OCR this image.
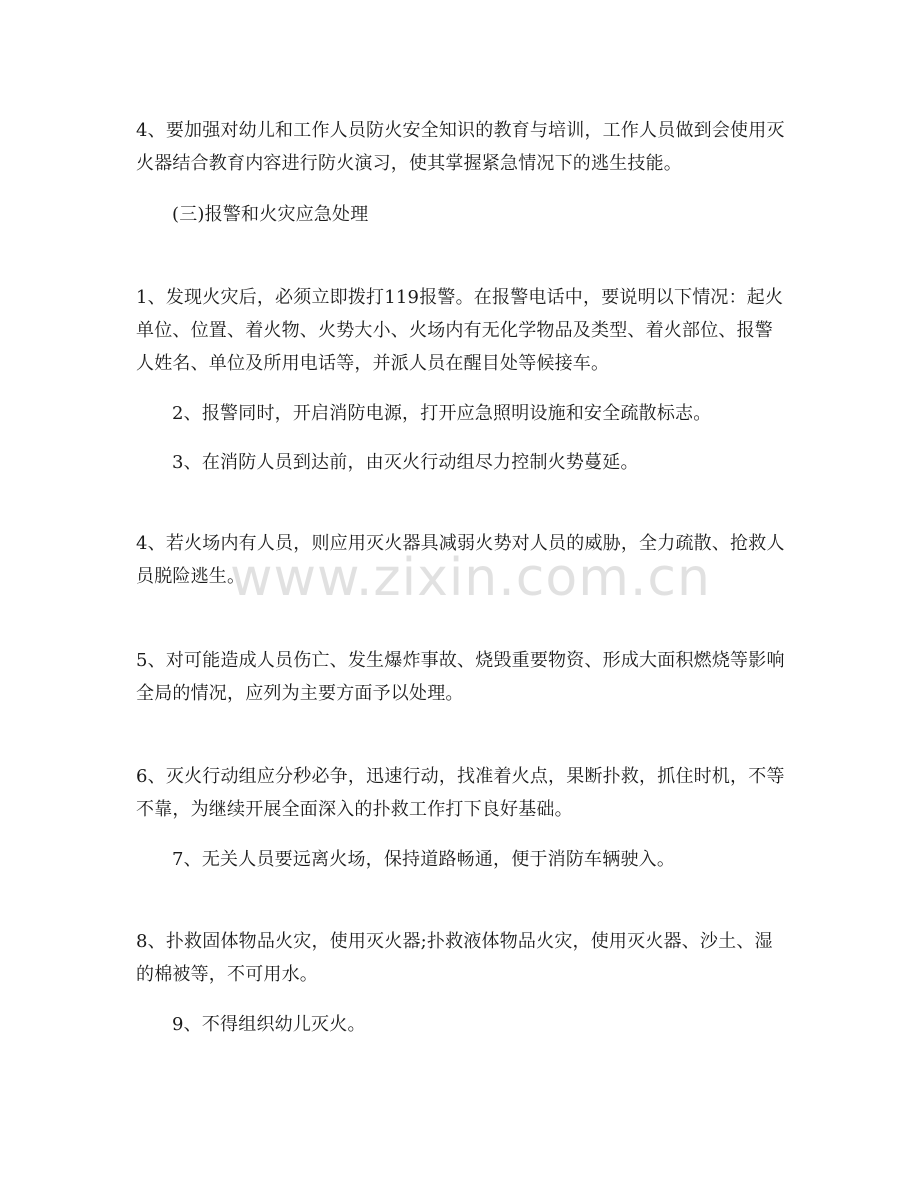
4、要加强对幼儿和工作人员防火安全知识的教育与培训，工作人员做到会使用灭火器结合教育内容进行防火演习，使其掌握紧急情况下的逃生技能。

(三)报警和火灾应急处理

1、发现火灾后，必须立即拨打119报警。在报警电话中，要说明以下情况：起火单位、位置、着火物、火势大小、火场内有无化学物品及类型、着火部位、报警人姓名、单位及所用电话等，并派人员在醒目处等候接车。

2、报警同时，开启消防电源，打开应急照明设施和安全疏散标志。

3、在消防人员到达前，由灭火行动组尽力控制火势蔓延。

4、若火场内有人员，则应用灭火器具减弱火势对人员的威胁，全力疏散、抢救人员脱险逃生。

5、对可能造成人员伤亡、发生爆炸事故、烧毁重要物资、形成大面积燃烧等影响全局的情况，应列为主要方面予以处理。

6、灭火行动组应分秒必争，迅速行动，找准着火点，果断扑救，抓住时机，不等不靠，为继续开展全面深入的扑救工作打下良好基础。

7、无关人员要远离火场，保持道路畅通，便于消防车辆驶入。

8、扑救固体物品火灾，使用灭火器;扑救液体物品火灾，使用灭火器、沙土、湿的棉被等，不可用水。

9、不得组织幼儿灭火。

www.zixin.com.cn
